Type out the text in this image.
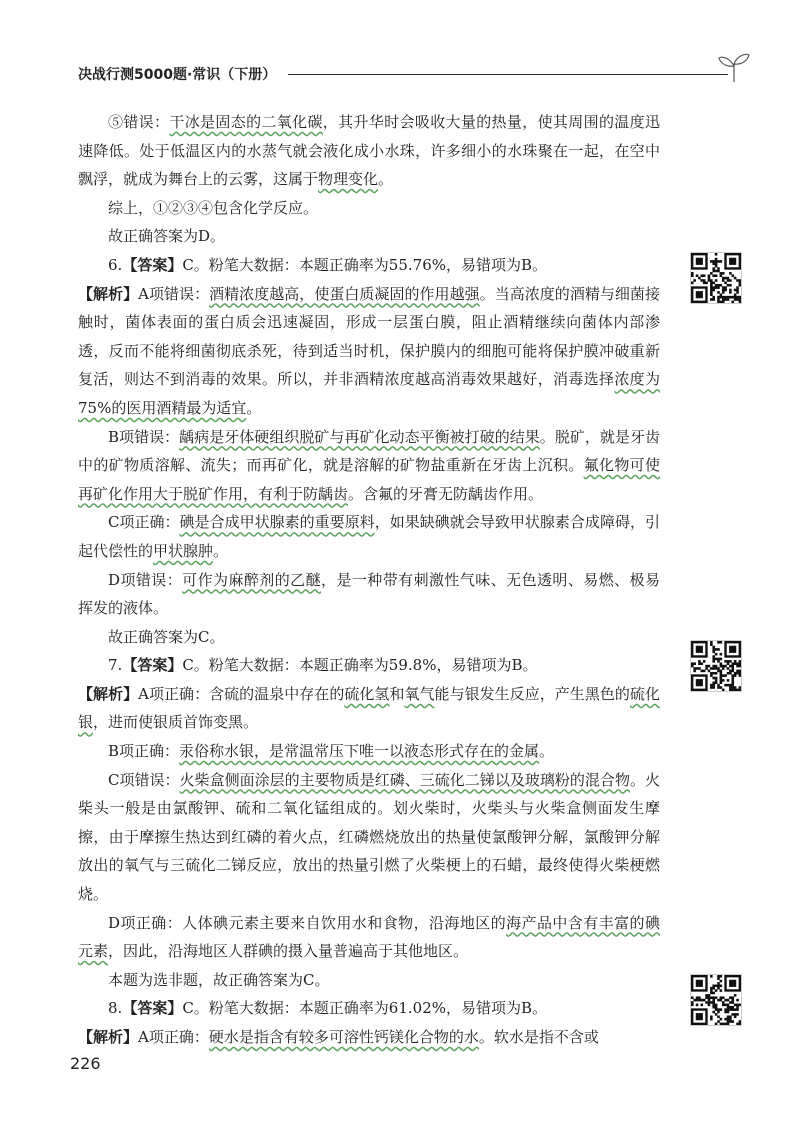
决战行测5000题·常识（下册）

⑤错误：干冰是固态的二氧化碳，其升华时会吸收大量的热量，使其周围的温度迅速降低。处于低温区内的水蒸气就会液化成小水珠，许多细小的水珠聚在一起，在空中飘浮，就成为舞台上的云雾，这属于物理变化。

综上，①②③④包含化学反应。

故正确答案为D。

6.【答案】C。粉笔大数据：本题正确率为55.76%，易错项为B。

【解析】A项错误：酒精浓度越高，使蛋白质凝固的作用越强。当高浓度的酒精与细菌接触时，菌体表面的蛋白质会迅速凝固，形成一层蛋白膜，阻止酒精继续向菌体内部渗透，反而不能将细菌彻底杀死，待到适当时机，保护膜内的细胞可能将保护膜冲破重新复活，则达不到消毒的效果。所以，并非酒精浓度越高消毒效果越好，消毒选择浓度为75%的医用酒精最为适宜。

B项错误：龋病是牙体硬组织脱矿与再矿化动态平衡被打破的结果。脱矿，就是牙齿中的矿物质溶解、流失；而再矿化，就是溶解的矿物盐重新在牙齿上沉积。氟化物可使再矿化作用大于脱矿作用，有利于防龋齿。含氟的牙膏无防龋齿作用。

C项正确：碘是合成甲状腺素的重要原料，如果缺碘就会导致甲状腺素合成障碍，引起代偿性的甲状腺肿。

D项错误：可作为麻醉剂的乙醚，是一种带有刺激性气味、无色透明、易燃、极易挥发的液体。

故正确答案为C。

7.【答案】C。粉笔大数据：本题正确率为59.8%，易错项为B。

【解析】A项正确：含硫的温泉中存在的硫化氢和氧气能与银发生反应，产生黑色的硫化银，进而使银质首饰变黑。

B项正确：汞俗称水银，是常温常压下唯一以液态形式存在的金属。

C项错误：火柴盒侧面涂层的主要物质是红磷、三硫化二锑以及玻璃粉的混合物。火柴头一般是由氯酸钾、硫和二氧化锰组成的。划火柴时，火柴头与火柴盒侧面发生摩擦，由于摩擦生热达到红磷的着火点，红磷燃烧放出的热量使氯酸钾分解，氯酸钾分解放出的氧气与三硫化二锑反应，放出的热量引燃了火柴梗上的石蜡，最终使得火柴梗燃烧。

D项正确：人体碘元素主要来自饮用水和食物，沿海地区的海产品中含有丰富的碘元素，因此，沿海地区人群碘的摄入量普遍高于其他地区。

本题为选非题，故正确答案为C。

8.【答案】C。粉笔大数据：本题正确率为61.02%，易错项为B。

【解析】A项正确：硬水是指含有较多可溶性钙镁化合物的水。软水是指不含或

226
